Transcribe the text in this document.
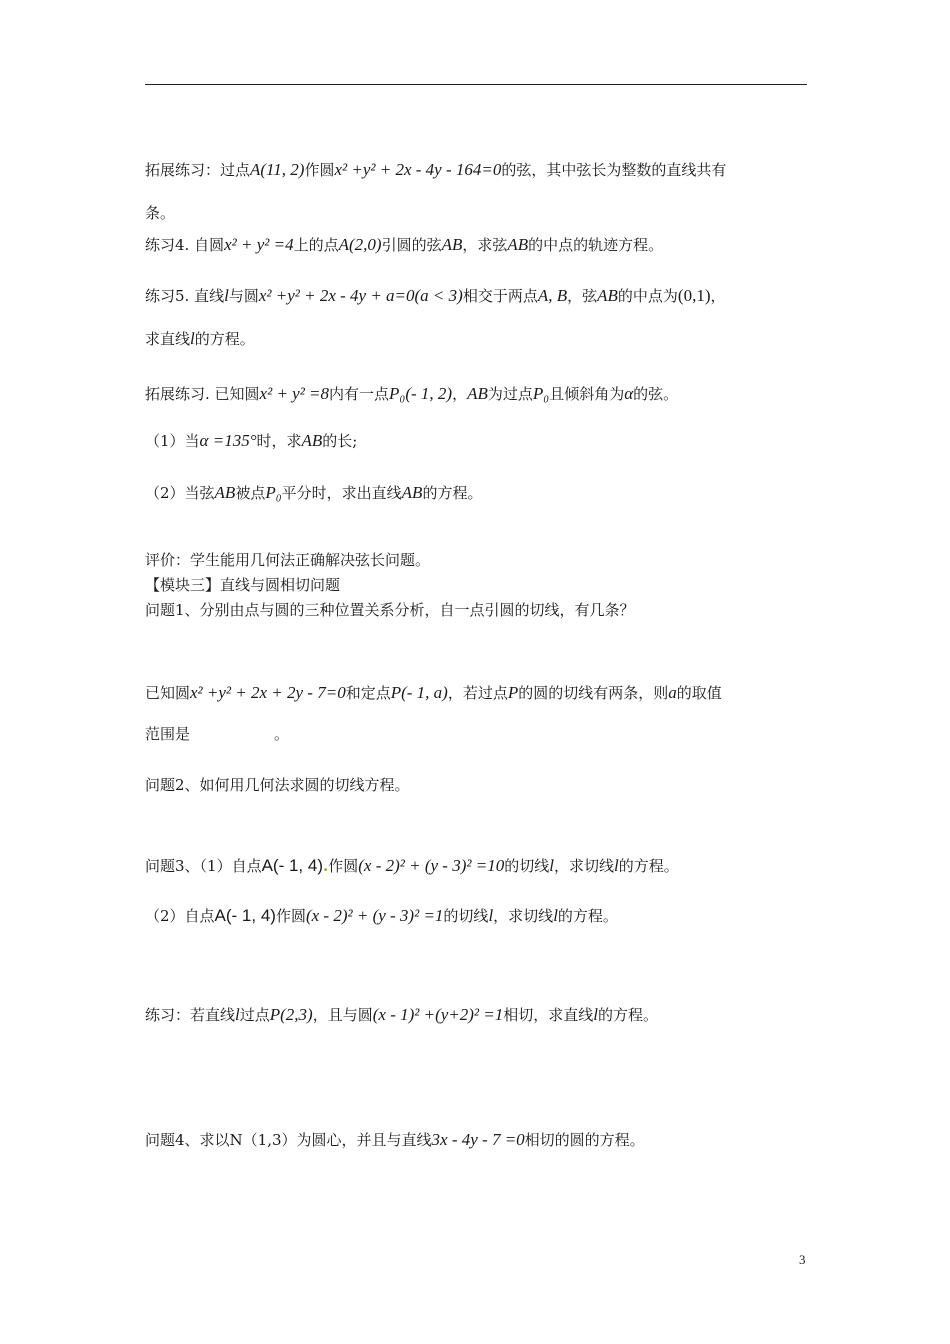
拓展练习：过点A(11, 2)作圆x² +y² + 2x - 4y - 164=0的弦，其中弦长为整数的直线共有
条。
练习4. 自圆x² + y² =4上的点A(2,0)引圆的弦AB，求弦AB的中点的轨迹方程。
练习5. 直线l与圆x² +y² + 2x - 4y + a=0(a < 3)相交于两点A, B，弦AB的中点为(0,1)，
求直线l的方程。
拓展练习. 已知圆x² + y² =8内有一点P₀(- 1, 2)，AB为过点P₀且倾斜角为α的弦。
（1）当α =135°时，求AB的长;
（2）当弦AB被点P₀平分时，求出直线AB的方程。
评价：学生能用几何法正确解决弦长问题。
【模块三】直线与圆相切问题
问题1、分别由点与圆的三种位置关系分析，自一点引圆的切线，有几条？
已知圆x² +y² + 2x + 2y - 7=0和定点P(- 1, a)，若过点P的圆的切线有两条，则a的取值
范围是	。
问题2、如何用几何法求圆的切线方程。
问题3、（1）自点A(- 1, 4).作圆(x - 2)² + (y - 3)² =10的切线l，求切线l的方程。
（2）自点A(- 1, 4)作圆(x - 2)² + (y - 3)² =1的切线l，求切线l的方程。
练习：若直线l过点P(2,3)，且与圆(x - 1)² +(y+2)² =1相切，求直线l的方程。
问题4、求以N（1,3）为圆心，并且与直线3x - 4y - 7 =0相切的圆的方程。
3
